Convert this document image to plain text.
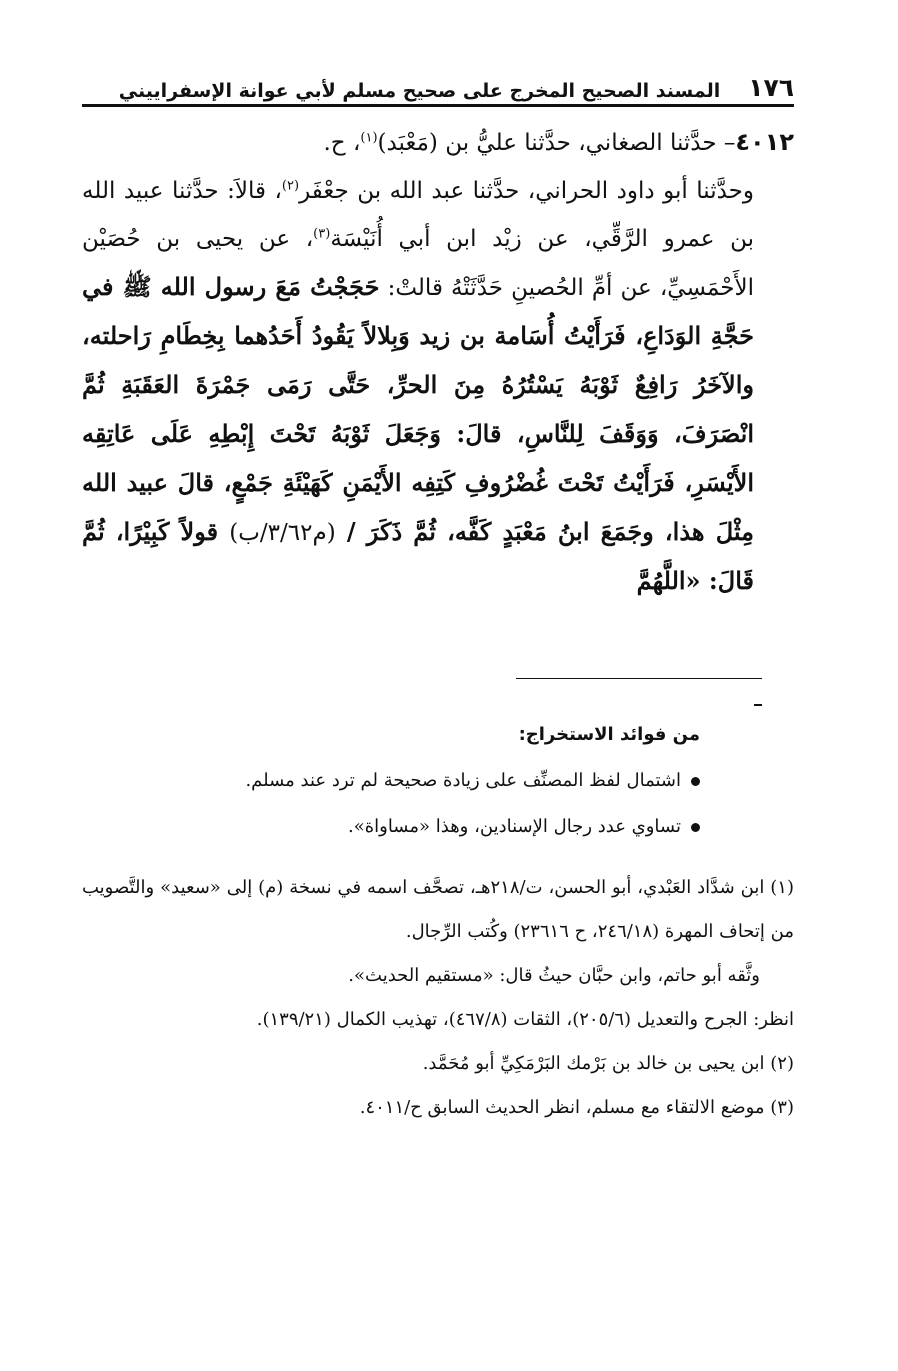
١٧٦
المسند الصحيح المخرج على صحيح مسلم لأبي عوانة الإسفراييني

٤٠١٢– حدَّثنا الصغاني، حدَّثنا عليُّ بن (مَعْبَد)$^{(١)}$، ح.

وحدَّثنا أبو داود الحراني، حدَّثنا عبد الله بن جعْفَر$^{(٢)}$، قالاَ: حدَّثنا عبيد الله بن عمرو الرَّقِّي، عن زيْد ابن أبي أُنَيْسَة$^{(٣)}$، عن يحيى بن حُصَيْن الأَحْمَسِيِّ، عن أمِّ الحُصينِ حَدَّثَتْهُ قالتْ: حَجَجْتُ مَعَ رسول الله ﷺ في حَجَّةِ الوَدَاعِ، فَرَأَيْتُ أُسَامة بن زيد وَبِلالاً يَقُودُ أَحَدُهما بِخِطَامِ رَاحلته، والآخَرُ رَافِعٌ ثَوْبَهُ يَسْتُرُهُ مِنَ الحرِّ، حَتَّى رَمَى جَمْرَةَ العَقَبَةِ ثُمَّ انْصَرَفَ، وَوَقَفَ لِلنَّاسِ، قالَ: وَجَعَلَ ثَوْبَهُ تَحْتَ إِبْطِهِ عَلَى عَاتِقِه الأَيْسَرِ، فَرَأَيْتُ تَحْتَ غُضْرُوفِ كَتِفِه الأَيْمَنِ كَهَيْئَةِ جَمْعٍ، قالَ عبيد الله مِثْلَ هذا، وجَمَعَ ابنُ مَعْبَدٍ كَفَّه، ثُمَّ ذَكَرَ / (م٣/٦٢/ب) قولاً كَبِيْرًا، ثُمَّ قَالَ: «اللَّهُمَّ

من فوائد الاستخراج:

اشتمال لفظ المصنِّف على زيادة صحيحة لم ترد عند مسلم.

تساوي عدد رجال الإسنادين، وهذا «مساواة».

(١) ابن شدَّاد العَبْدي، أبو الحسن، ت/٢١٨هـ، تصحَّف اسمه في نسخة (م) إلى «سعيد» والتَّصويب من إتحاف المهرة (٢٤٦/١٨، ح ٢٣٦١٦) وكُتب الرِّجال.

وثَّقه أبو حاتم، وابن حبَّان حيثُ قال: «مستقيم الحديث».

انظر: الجرح والتعديل (٢٠٥/٦)، الثقات (٤٦٧/٨)، تهذيب الكمال (١٣٩/٢١).

(٢) ابن يحيى بن خالد بن بَرْمك البَرْمَكِيِّ أبو مُحَمَّد.

(٣) موضع الالتقاء مع مسلم، انظر الحديث السابق ح/٤٠١١.
